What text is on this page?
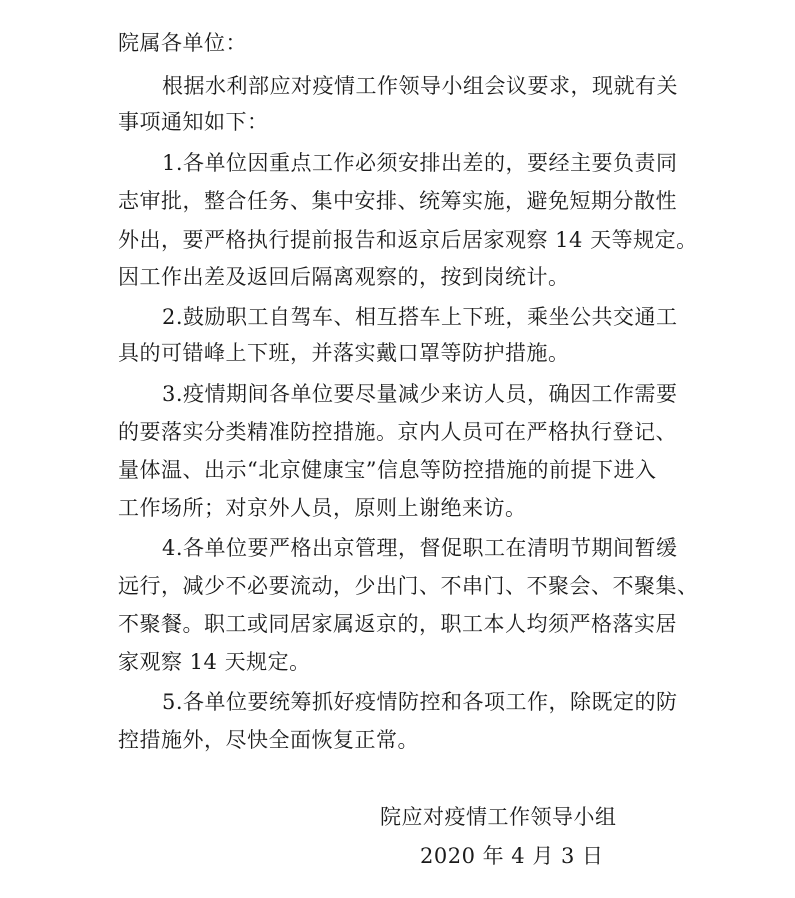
院属各单位：
根据水利部应对疫情工作领导小组会议要求，现就有关
事项通知如下：
1.各单位因重点工作必须安排出差的，要经主要负责同
志审批，整合任务、集中安排、统筹实施，避免短期分散性
外出，要严格执行提前报告和返京后居家观察 14 天等规定。
因工作出差及返回后隔离观察的，按到岗统计。
2.鼓励职工自驾车、相互搭车上下班，乘坐公共交通工
具的可错峰上下班，并落实戴口罩等防护措施。
3.疫情期间各单位要尽量减少来访人员，确因工作需要
的要落实分类精准防控措施。京内人员可在严格执行登记、
量体温、出示“北京健康宝”信息等防控措施的前提下进入
工作场所；对京外人员，原则上谢绝来访。
4.各单位要严格出京管理，督促职工在清明节期间暂缓
远行，减少不必要流动，少出门、不串门、不聚会、不聚集、
不聚餐。职工或同居家属返京的，职工本人均须严格落实居
家观察 14 天规定。
5.各单位要统筹抓好疫情防控和各项工作，除既定的防
控措施外，尽快全面恢复正常。
院应对疫情工作领导小组
2020 年 4 月 3 日
